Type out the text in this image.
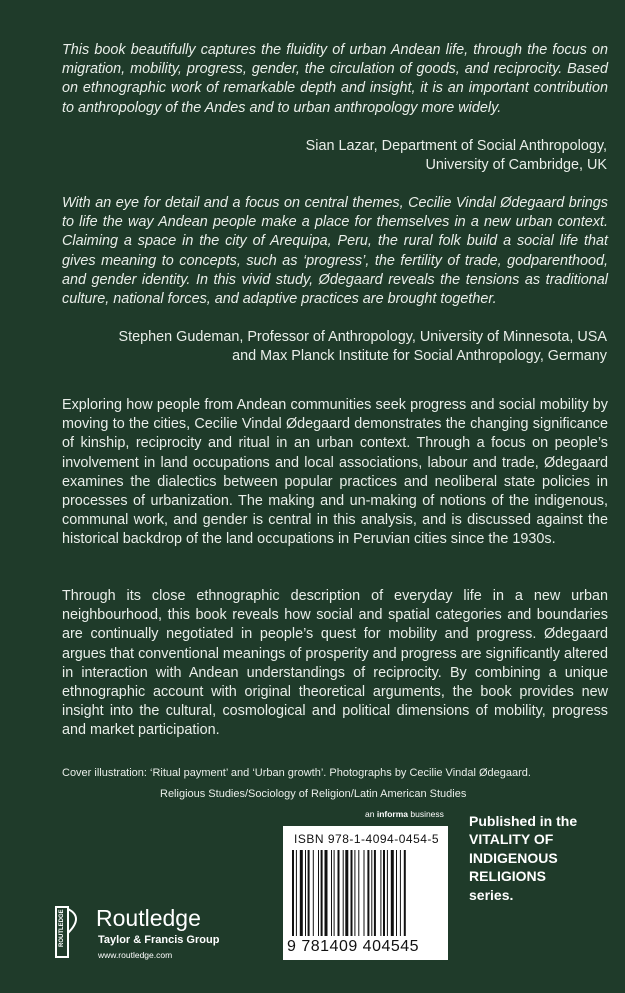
This book beautifully captures the fluidity of urban Andean life, through the focus on migration, mobility, progress, gender, the circulation of goods, and reciprocity. Based on ethnographic work of remarkable depth and insight, it is an important contribution to anthropology of the Andes and to urban anthropology more widely.

Sian Lazar, Department of Social Anthropology,

University of Cambridge, UK

With an eye for detail and a focus on central themes, Cecilie Vindal Ødegaard brings to life the way Andean people make a place for themselves in a new urban context. Claiming a space in the city of Arequipa, Peru, the rural folk build a social life that gives meaning to concepts, such as ‘progress’, the fertility of trade, godparenthood, and gender identity. In this vivid study, Ødegaard reveals the tensions as traditional culture, national forces, and adaptive practices are brought together.

Stephen Gudeman, Professor of Anthropology, University of Minnesota, USA

and Max Planck Institute for Social Anthropology, Germany

Exploring how people from Andean communities seek progress and social mobility by moving to the cities, Cecilie Vindal Ødegaard demonstrates the changing significance of kinship, reciprocity and ritual in an urban context. Through a focus on people’s involvement in land occupations and local associations, labour and trade, Ødegaard examines the dialectics between popular practices and neoliberal state policies in processes of urbanization. The making and un-making of notions of the indigenous, communal work, and gender is central in this analysis, and is discussed against the historical backdrop of the land occupations in Peruvian cities since the 1930s.

Through its close ethnographic description of everyday life in a new urban neighbourhood, this book reveals how social and spatial categories and boundaries are continually negotiated in people’s quest for mobility and progress. Ødegaard argues that conventional meanings of prosperity and progress are significantly altered in interaction with Andean understandings of reciprocity. By combining a unique ethnographic account with original theoretical arguments, the book provides new insight into the cultural, cosmological and political dimensions of mobility, progress and market participation.

Cover illustration: ‘Ritual payment’ and ‘Urban growth’. Photographs by Cecilie Vindal Ødegaard.

Religious Studies/Sociology of Religion/Latin American Studies

an informa business
ISBN 978-1-4094-0454-5
9 781409 404545
Published in the
VITALITY OF
INDIGENOUS
RELIGIONS
series.
ROUTLEDGE Routledge
Taylor & Francis Group
www.routledge.com
